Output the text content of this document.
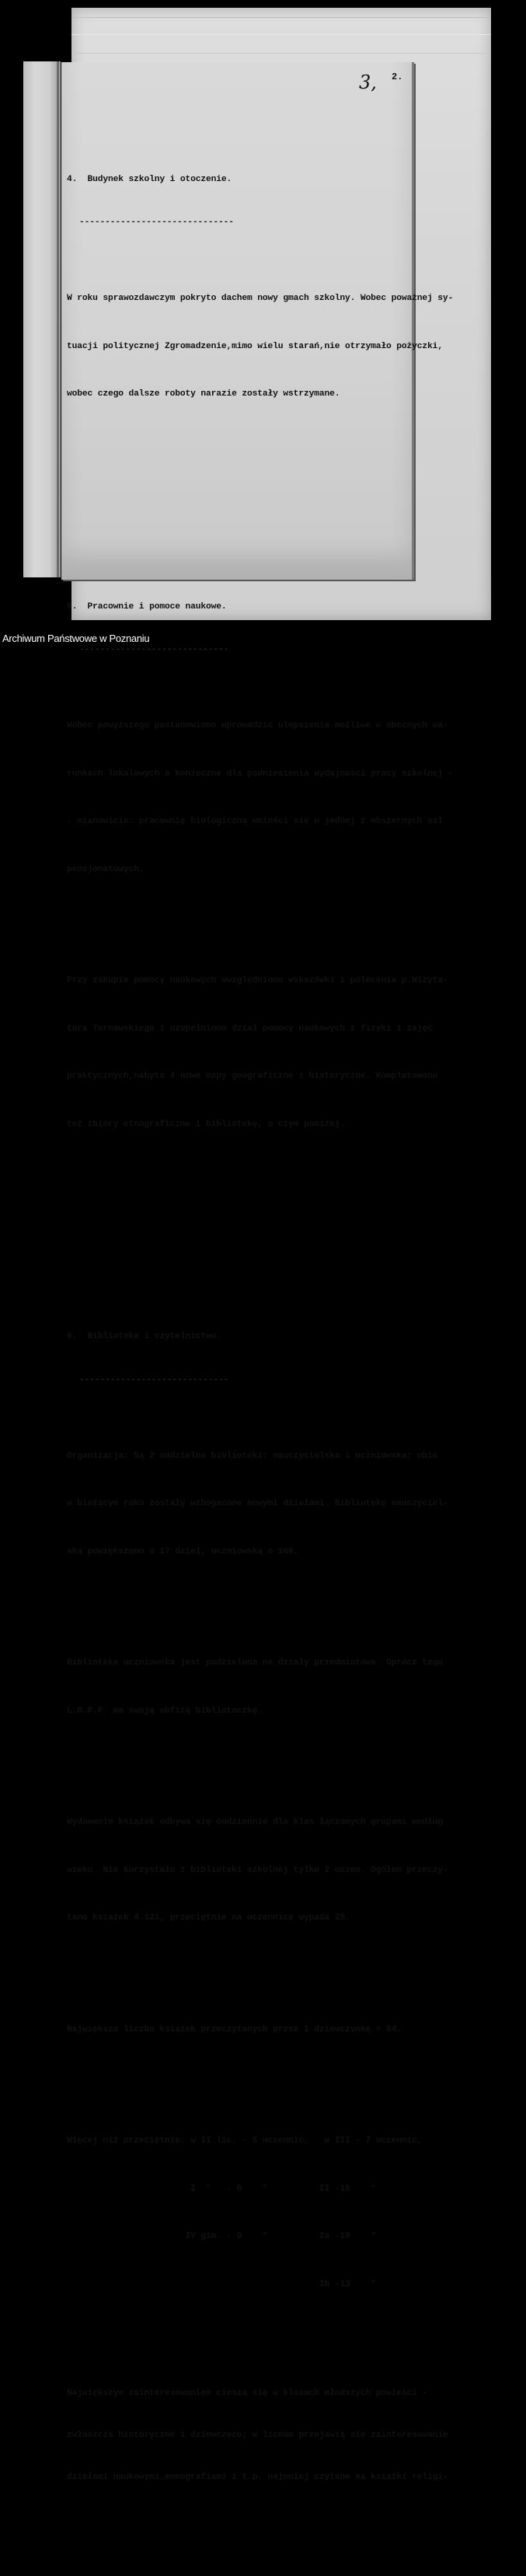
3, 2.

4.  Budynek szkolny i otoczenie.

------------------------------

W roku sprawozdawczym pokryto dachem nowy gmach szkolny. Wobec poważnej sy-

tuacji politycznej Zgromadzenie,mimo wielu starań,nie otrzymało pożyczki,

wobec czego dalsze roboty narazie zostały wstrzymane.

5.  Pracownie i pomoce naukowe.

-----------------------------

Wobec powyższego postanowiono wprowadzić ulepszenia możliwe w obecnych wa-

runkach lokalowych a konieczne dla podniesienia wydajności pracy szkolnej -

- mianowicie: pracownię biologiczną umieści się w jednej z obszernych sal

pensjonatowych.

Przy zakupie pomocy naukowych uwzględniono wskazówki i polecenia p.Wizyta-

tora Tarnawskiego i uzupełniono dział pomocy naukowych z fizyki i zajęć

praktycznych,nabyto 4 nowe mapy geograficzne i historyczne. Kompletowano

też zbiory etnograficzne i bibliotekę, o czym poniżej.

6.´ Biblioteka i czytelnictwo.

-----------------------------

Organizacja: Są 2 oddzielne biblioteki: nauczycielska i uczniowska; obie

w bieżącym roku zostały wzbogacone nowymi dziełami. Bibliotekę nauczyciel-

ską powiększono o 17 dzieł, uczniowską o 168.

Biblioteka uczniowska jest podzielona na działy przedmiotowe. Oprócz tego

L.O.P.P. ma swoją obfitą biblioteczkę.

Wydawanie książek odbywa się codziennie dla klas łączonych grupami według

wieku. Nie korzystało z biblioteki szkolnej tylko 2 uczen. Ogółem przeczy-

tano książek 4.121, przeciętnie na uczennicę wypada 25.

Największa liczba książek przeczytanych przez 1 dziewczynkę = 94.

Więcej niż przeciętnie: w II lic. - 5 uczennic,   w III - 7 uczennic,

I  "   - 6    "          II -16    "

IV gim. - 9    "          Ia -19    "

Ib -13    "

Największym zainteresowaniem cieszą się w klasach młodszych powieści -

zwłaszcza historyczne i dziewczęce; w liceum przejawią się zainteresowanie

dziełami naukowymi,monografiami i t.p. najmniej czytane są książki religi-

Archiwum Państwowe w Poznaniu
